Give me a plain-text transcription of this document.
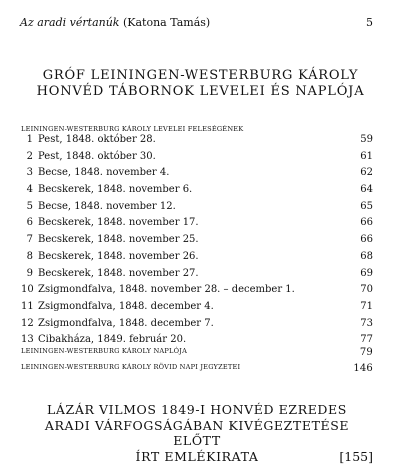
Az aradi vértanúk (Katona Tamás)	5
GRÓF LEININGEN-WESTERBURG KÁROLY
HONVÉD TÁBORNOK LEVELEI ÉS NAPLÓJA
LEININGEN-WESTERBURG KÁROLY LEVELEI FELESÉGÉNEK
1 Pest, 1848. október 28.	59
2 Pest, 1848. október 30.	61
3 Becse, 1848. november 4.	62
4 Becskerek, 1848. november 6.	64
5 Becse, 1848. november 12.	65
6 Becskerek, 1848. november 17.	66
7 Becskerek, 1848. november 25.	66
8 Becskerek, 1848. november 26.	68
9 Becskerek, 1848. november 27.	69
10 Zsigmondfalva, 1848. november 28. – december 1.	70
11 Zsigmondfalva, 1848. december 4.	71
12 Zsigmondfalva, 1848. december 7.	73
13 Cibakháza, 1849. február 20.	77
LEININGEN-WESTERBURG KÁROLY NAPLÓJA	79
LEININGEN-WESTERBURG KÁROLY RÖVID NAPI JEGYZETEI	146
LÁZÁR VILMOS 1849-I HONVÉD EZREDES
ARADI VÁRFOGSÁGÁBAN KIVÉGEZTETÉSE ELŐTT
ÍRT EMLÉKIRATA	[155]
